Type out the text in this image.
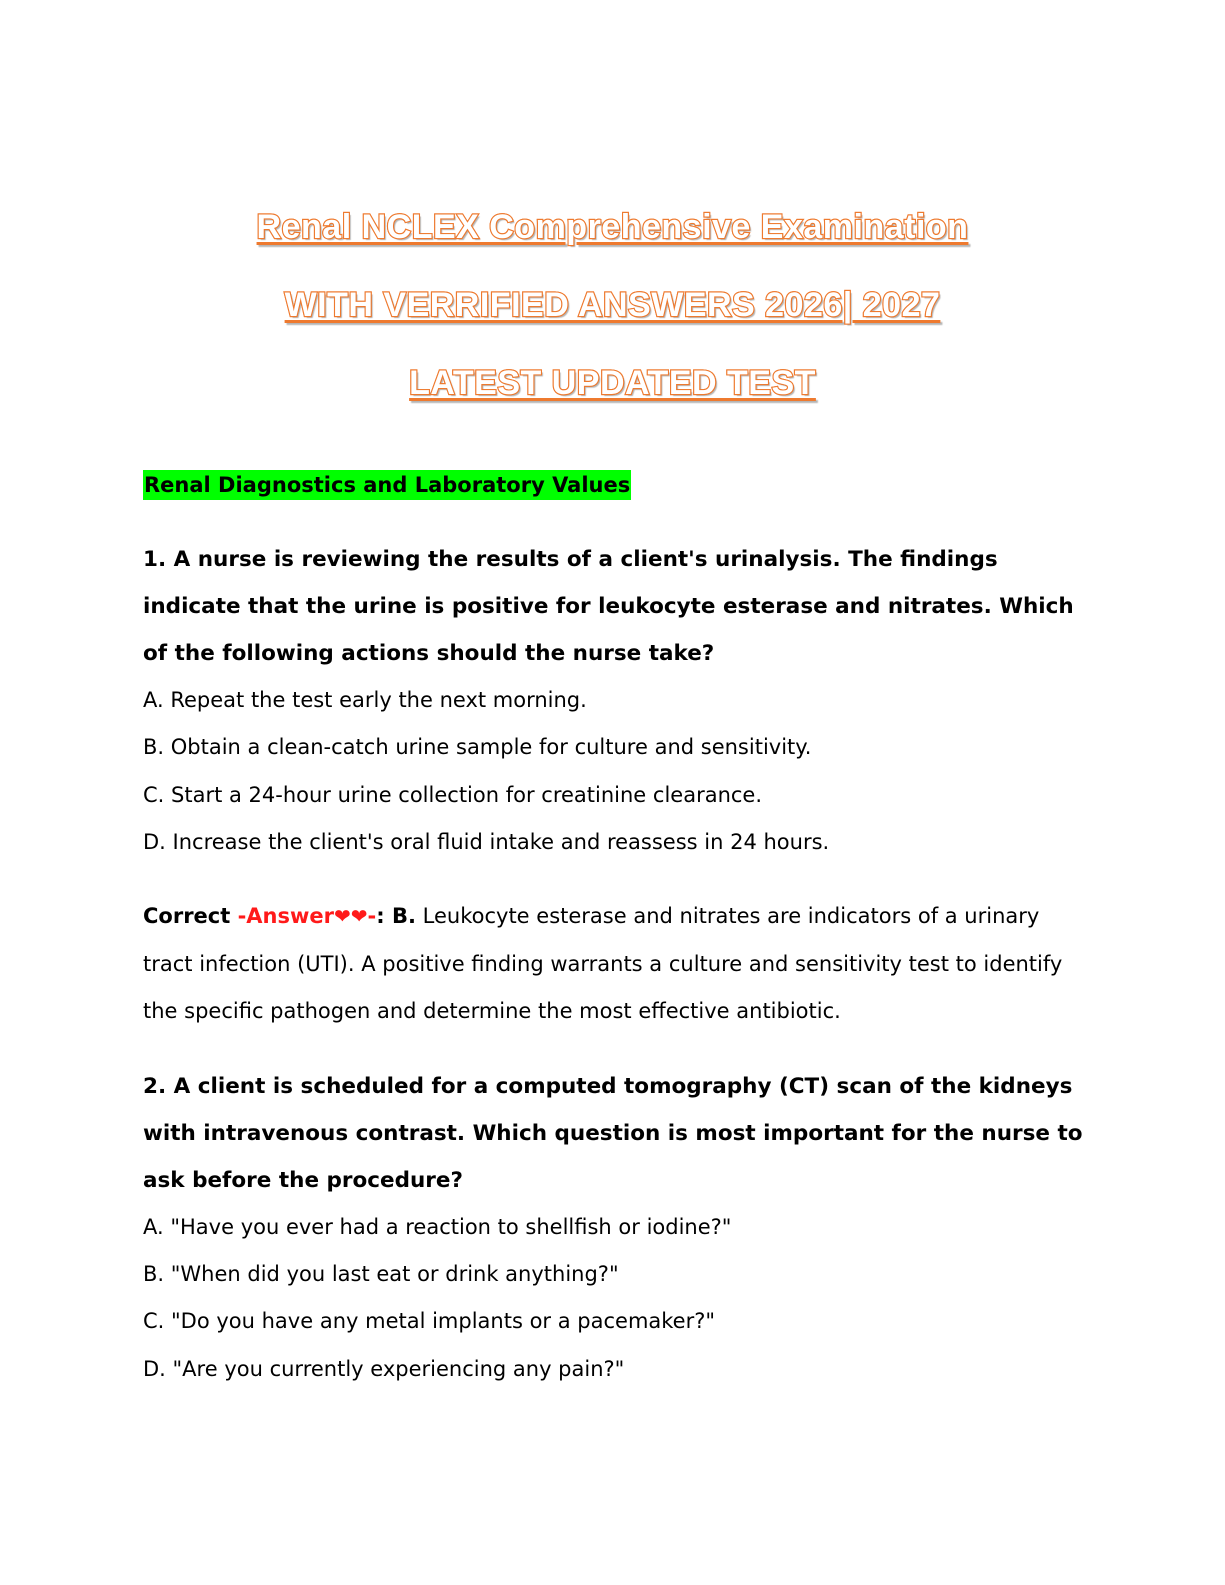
Renal NCLEX Comprehensive Examination
WITH VERRIFIED ANSWERS 2026| 2027
LATEST UPDATED TEST
Renal Diagnostics and Laboratory Values

1. A nurse is reviewing the results of a client's urinalysis. The findings indicate that the urine is positive for leukocyte esterase and nitrates. Which of the following actions should the nurse take?

A. Repeat the test early the next morning.

B. Obtain a clean-catch urine sample for culture and sensitivity.

C. Start a 24-hour urine collection for creatinine clearance.

D. Increase the client's oral fluid intake and reassess in 24 hours.

Correct -Answer❤❤-: B. Leukocyte esterase and nitrates are indicators of a urinary tract infection (UTI). A positive finding warrants a culture and sensitivity test to identify the specific pathogen and determine the most effective antibiotic.

2. A client is scheduled for a computed tomography (CT) scan of the kidneys with intravenous contrast. Which question is most important for the nurse to ask before the procedure?

A. "Have you ever had a reaction to shellfish or iodine?"

B. "When did you last eat or drink anything?"

C. "Do you have any metal implants or a pacemaker?"

D. "Are you currently experiencing any pain?"
